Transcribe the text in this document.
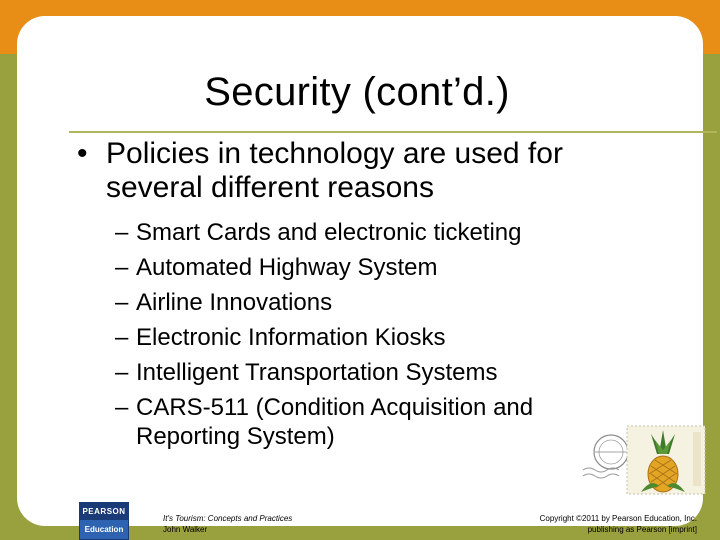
Security (cont’d.)
• Policies in technology are used for several different reasons
– Smart Cards and electronic ticketing
– Automated Highway System
– Airline Innovations
– Electronic Information Kiosks
– Intelligent Transportation Systems
– CARS-511 (Condition Acquisition and Reporting System)
PEARSON
Education
It's Tourism: Concepts and Practices
John Walker
Copyright ©2011 by Pearson Education, Inc.
publishing as Pearson [imprint]
